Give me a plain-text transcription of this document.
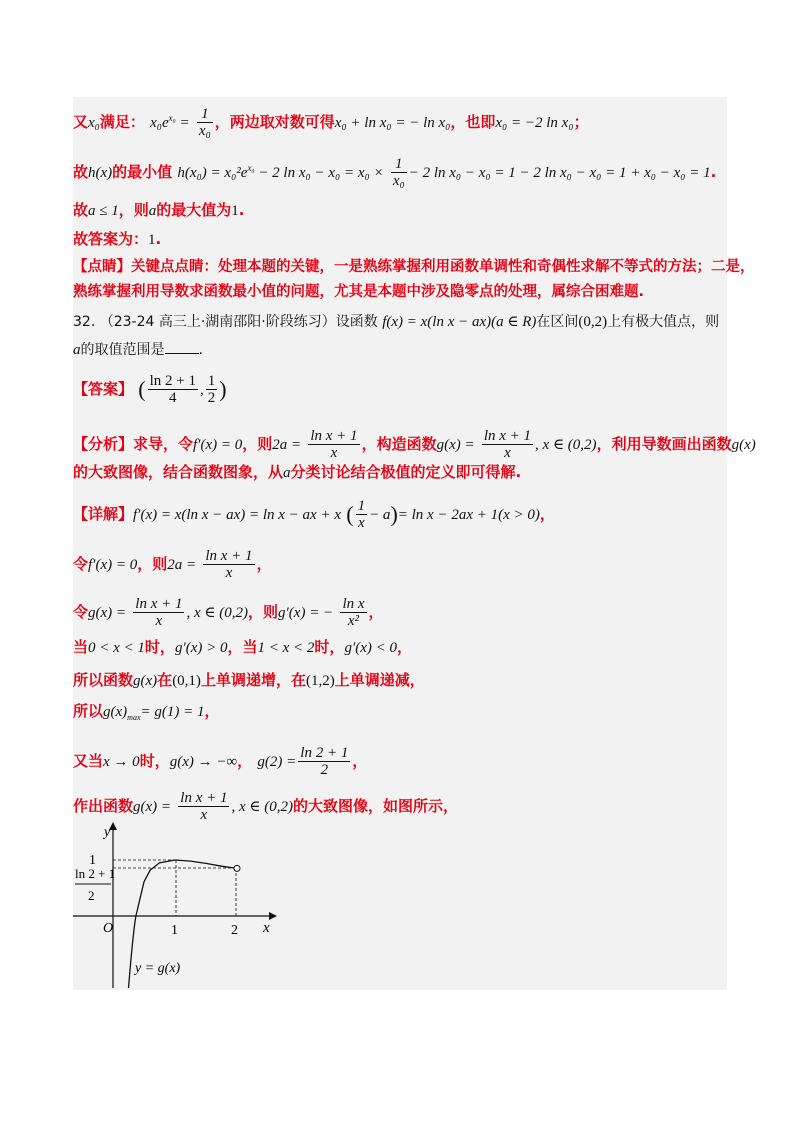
又x₀满足： $x_0e^{x_0} = \frac{1}{\text{x₀}}$ ，两边取对数可得x₀ + ln x₀ = − ln x₀，也即x₀ = −2 ln x₀；
故h(x)的最小值 $h(x_0) = x_0^2e^{x_0} - 2$ $\ln x_0 - x_0 = x_0 \times \frac{1}{\text{x₀}} - 2$ ln x₀ − x₀ = 1 − 2 ln x₀ − x₀ = 1 + x₀ − x₀ = 1.
故a ≤ 1，则a的最大值为1.
故答案为：1.
【点睛】关键点点睛：处理本题的关键，一是熟练掌握利用函数单调性和奇偶性求解不等式的方法；二是，
熟练掌握利用导数求函数最小值的问题，尤其是本题中涉及隐零点的处理，属综合困难题.
32. （23-24 高三上·湖南邵阳·阶段练习）设函数 f(x) = x(ln x − ax)(a ∈ R)在区间(0,2)上有极大值点，则
a的取值范围是 .
【答案】 ( $\frac{\ln 2 + 1}{4}$ , $\frac{1}{2}$ )
【分析】求导，令f′(x) = 0，则$2a = \frac{\text{ln x + 1}}{x}$ ，构造函数$g(x) = \frac{\text{ln x + 1}}{x}$ , x ∈ (0,2)，利用导数画出函数g(x)
的大致图像，结合函数图象，从a分类讨论结合极值的定义即可得解.
【详解】f′(x) = x(ln x − ax) = ln x − ax + x ( $\frac{1}{x} - a)= \ln x - 2ax + 1(x > 0)$，
令f′(x) = 0，则$2a = \frac{\text{ln x + 1}}{x}$ ，
令$g(x) = \frac{\text{ln x + 1}}{x}$ , x ∈ (0,2)，则g′(x) = − $\frac{\text{ln x}}{\text{x²}}$ ，
当0 < x < 1时，g′(x) > 0，当1 < x < 2时，g′(x) < 0，
所以函数g(x)在(0,1)上单调递增，在(1,2)上单调递减，
所以$g(x)_{max}= g(1) = 1$，
又当x → 0时，g(x) → −∞， $g(2) = \frac{\ln 2 + 1}{2}$ ，
作出函数$g(x) = \frac{\text{ln x + 1}}{x}$ , x ∈ (0,2)的大致图像，如图所示，
y
x
O	1	2
1
ln 2 + 1
2
y = g(x)
